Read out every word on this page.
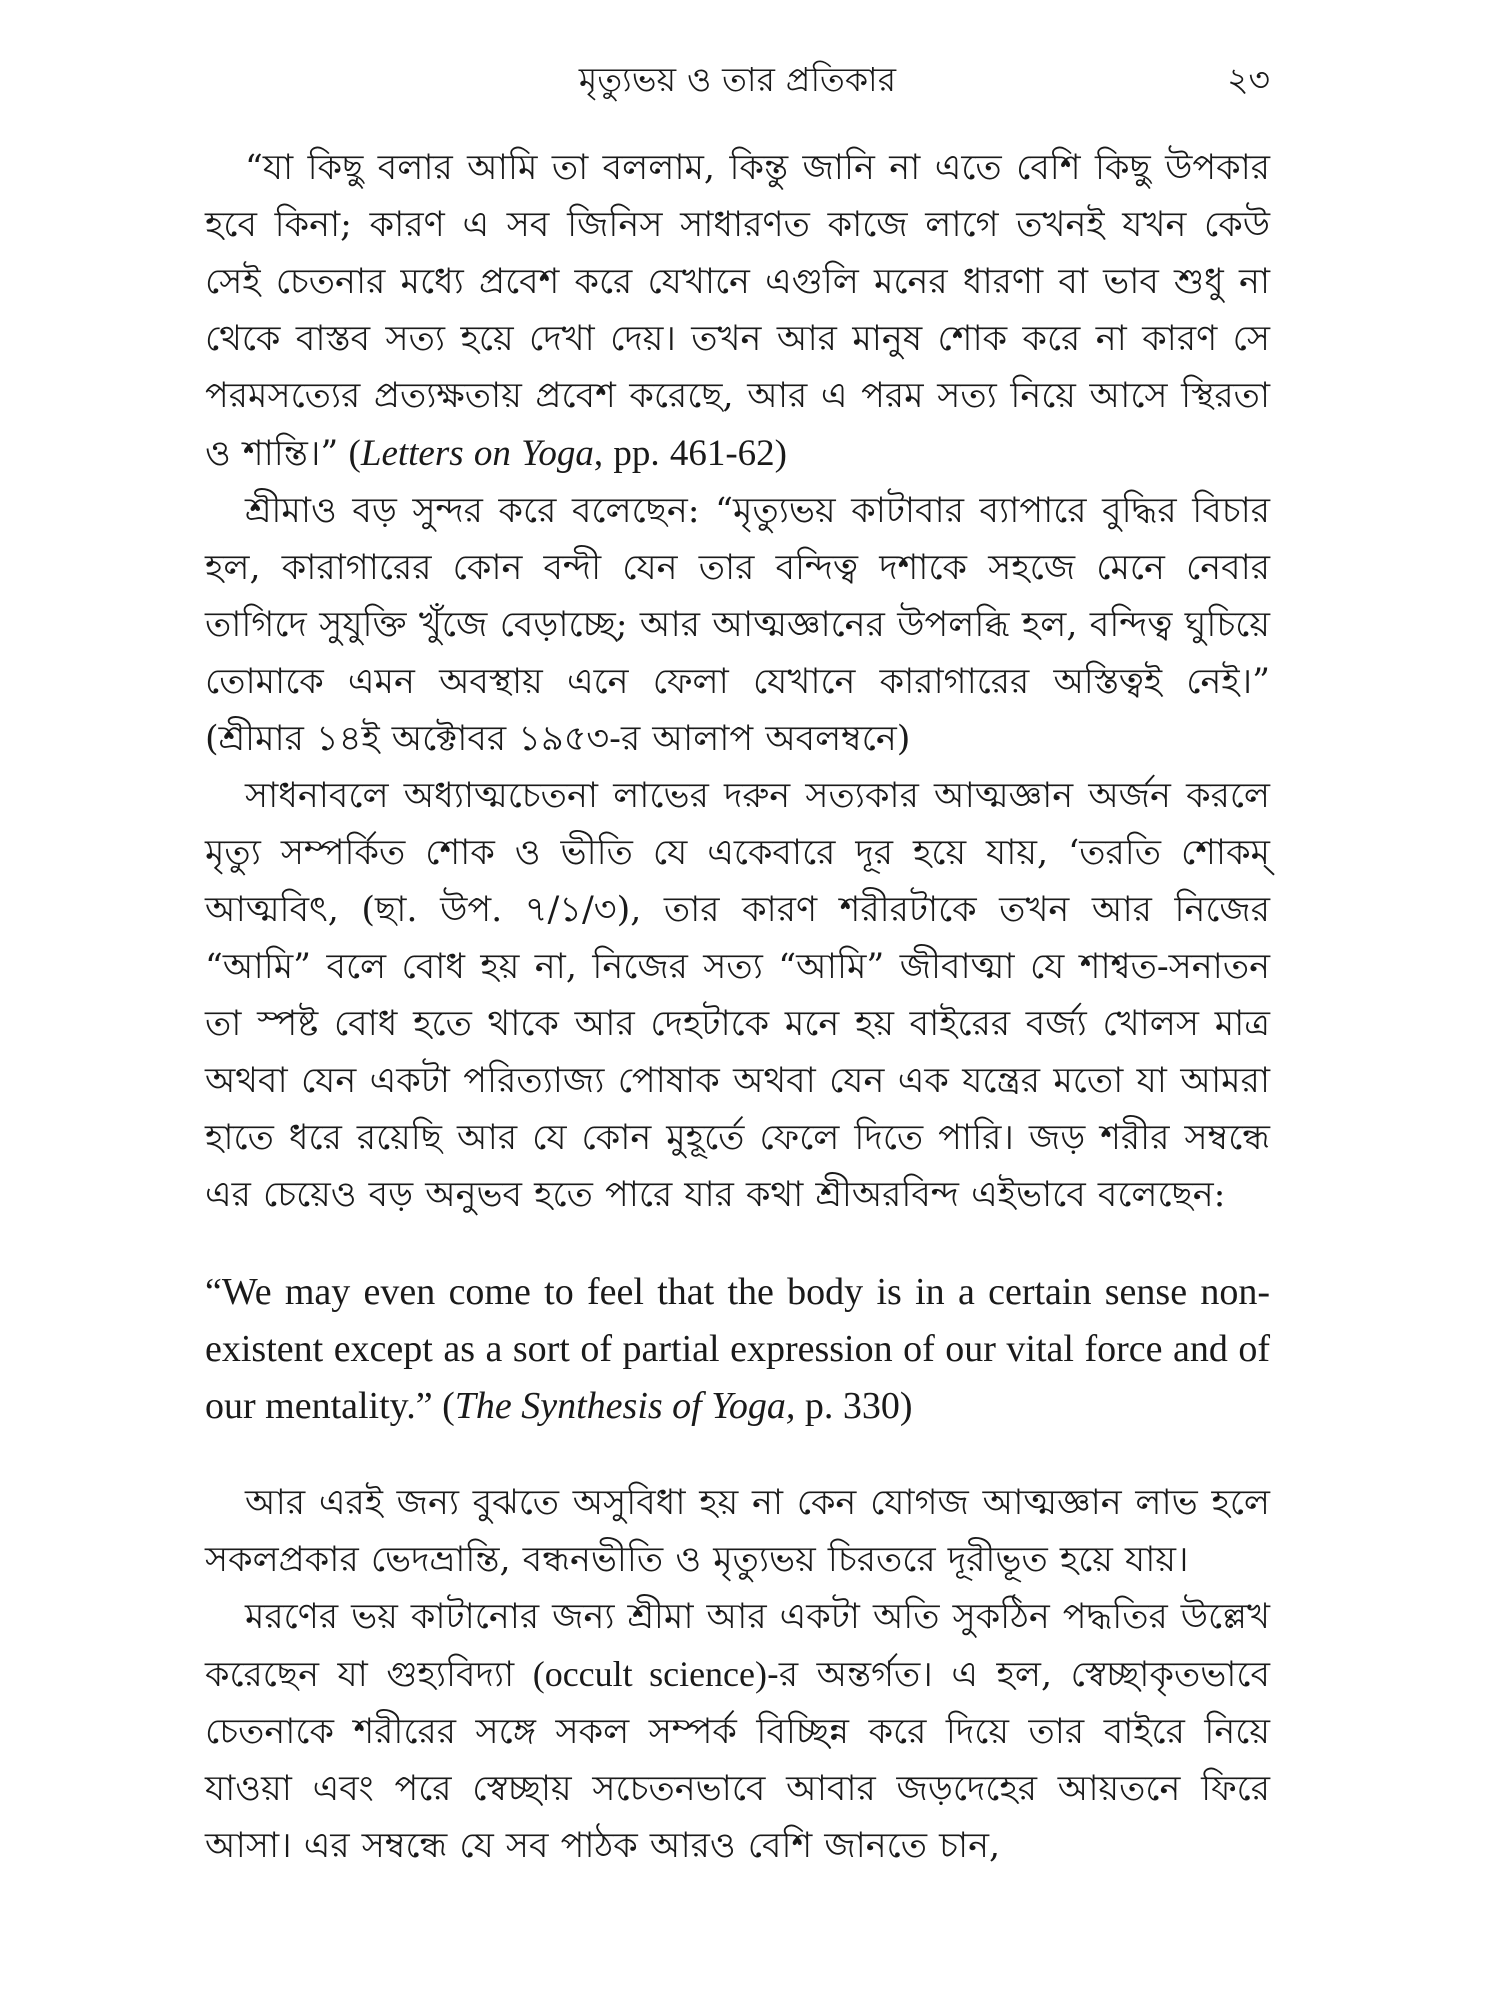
মৃত্যুভয় ও তার প্রতিকার	২৩

“যা কিছু বলার আমি তা বললাম, কিন্তু জানি না এতে বেশি কিছু উপকার হবে কিনা; কারণ এ সব জিনিস সাধারণত কাজে লাগে তখনই যখন কেউ সেই চেতনার মধ্যে প্রবেশ করে যেখানে এগুলি মনের ধারণা বা ভাব শুধু না থেকে বাস্তব সত্য হয়ে দেখা দেয়। তখন আর মানুষ শোক করে না কারণ সে পরমসত্যের প্রত্যক্ষতায় প্রবেশ করেছে, আর এ পরম সত্য নিয়ে আসে স্থিরতা ও শান্তি।” (Letters on Yoga, pp. 461-62)

শ্রীমাও বড় সুন্দর করে বলেছেন: “মৃত্যুভয় কাটাবার ব্যাপারে বুদ্ধির বিচার হল, কারাগারের কোন বন্দী যেন তার বন্দিত্ব দশাকে সহজে মেনে নেবার তাগিদে সুযুক্তি খুঁজে বেড়াচ্ছে; আর আত্মজ্ঞানের উপলব্ধি হল, বন্দিত্ব ঘুচিয়ে তোমাকে এমন অবস্থায় এনে ফেলা যেখানে কারাগারের অস্তিত্বই নেই।” (শ্রীমার ১৪ই অক্টোবর ১৯৫৩-র আলাপ অবলম্বনে)

সাধনাবলে অধ্যাত্মচেতনা লাভের দরুন সত্যকার আত্মজ্ঞান অর্জন করলে মৃত্যু সম্পর্কিত শোক ও ভীতি যে একেবারে দূর হয়ে যায়, ‘তরতি শোকম্ আত্মবিৎ, (ছা. উপ. ৭/১/৩), তার কারণ শরীরটাকে তখন আর নিজের “আমি” বলে বোধ হয় না, নিজের সত্য “আমি” জীবাত্মা যে শাশ্বত-সনাতন তা স্পষ্ট বোধ হতে থাকে আর দেহটাকে মনে হয় বাইরের বর্জ্য খোলস মাত্র অথবা যেন একটা পরিত্যাজ্য পোষাক অথবা যেন এক যন্ত্রের মতো যা আমরা হাতে ধরে রয়েছি আর যে কোন মুহূর্তে ফেলে দিতে পারি। জড় শরীর সম্বন্ধে এর চেয়েও বড় অনুভব হতে পারে যার কথা শ্রীঅরবিন্দ এইভাবে বলেছেন:

“We may even come to feel that the body is in a certain sense non-existent except as a sort of partial expression of our vital force and of our mentality.” (The Synthesis of Yoga, p. 330)

আর এরই জন্য বুঝতে অসুবিধা হয় না কেন যোগজ আত্মজ্ঞান লাভ হলে সকলপ্রকার ভেদভ্রান্তি, বন্ধনভীতি ও মৃত্যুভয় চিরতরে দূরীভূত হয়ে যায়।

মরণের ভয় কাটানোর জন্য শ্রীমা আর একটা অতি সুকঠিন পদ্ধতির উল্লেখ করেছেন যা গুহ্যবিদ্যা (occult science)-র অন্তর্গত। এ হল, স্বেচ্ছাকৃতভাবে চেতনাকে শরীরের সঙ্গে সকল সম্পর্ক বিচ্ছিন্ন করে দিয়ে তার বাইরে নিয়ে যাওয়া এবং পরে স্বেচ্ছায় সচেতনভাবে আবার জড়দেহের আয়তনে ফিরে আসা। এর সম্বন্ধে যে সব পাঠক আরও বেশি জানতে চান,
